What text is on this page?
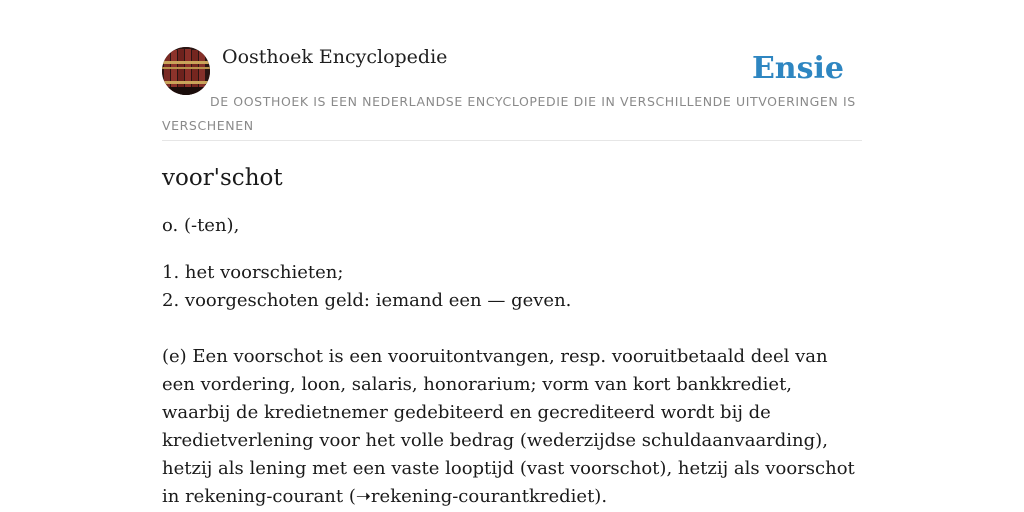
Oosthoek Encyclopedie	Ensie
DE OOSTHOEK IS EEN NEDERLANDSE ENCYCLOPEDIE DIE IN VERSCHILLENDE UITVOERINGEN IS VERSCHENEN
voor'schot

o. (-ten),

1. het voorschieten;
2. voorgeschoten geld: iemand een — geven.

(e) Een voorschot is een vooruitontvangen, resp. vooruitbetaald deel van een vordering, loon, salaris, honorarium; vorm van kort bankkrediet, waarbij de kredietnemer gedebiteerd en gecrediteerd wordt bij de kredietverlening voor het volle bedrag (wederzijdse schuldaanvaarding), hetzij als lening met een vaste looptijd (vast voorschot), hetzij als voorschot in rekening-courant (➝rekening-courantkrediet).
